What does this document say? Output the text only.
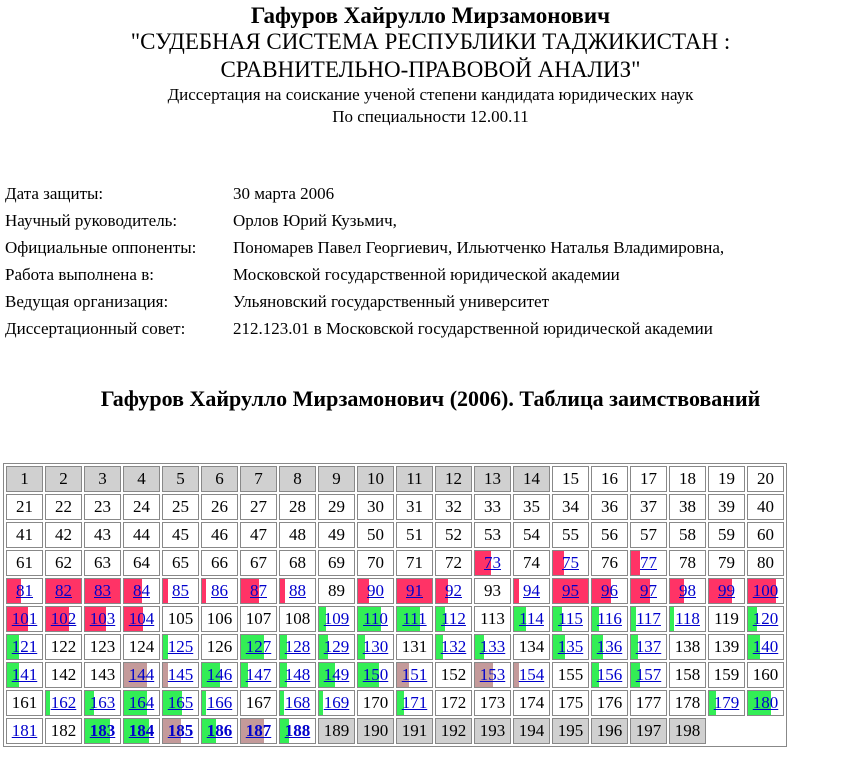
Гафуров Хайрулло Мирзамонович
"СУДЕБНАЯ СИСТЕМА РЕСПУБЛИКИ ТАДЖИКИСТАН :
СРАВНИТЕЛЬНО-ПРАВОВОЙ АНАЛИЗ"
Диссертация на соискание ученой степени кандидата юридических наук
По специальности 12.00.11
Дата защиты:	30 марта 2006
Научный руководитель:	Орлов Юрий Кузьмич,
Официальные оппоненты:	Пономарев Павел Георгиевич, Ильютченко Наталья Владимировна,
Работа выполнена в:	Московской государственной юридической академии
Ведущая организация:	Ульяновский государственный университет
Диссертационный совет:	212.123.01 в Московской государственной юридической академии
Гафуров Хайрулло Мирзамонович (2006). Таблица заимствований
1	2	3	4	5	6	7	8	9	10	11	12	13	14	15	16	17	18	19	20
21	22	23	24	25	26	27	28	29	30	31	32	33	35	34	36	37	38	39	40
41	42	43	44	45	46	47	48	49	50	51	52	53	54	55	56	57	58	59	60
61	62	63	64	65	66	67	68	69	70	71	72	73	74	75	76	77	78	79	80

81	82	83	84	85	86	87	88	89	90	91	92	93	94	95	96	97	98	99	100

101	102	103	104	105	106	107	108	109	110	111	112	113	114	115	116	117	118	119	120

121	122	123	124	125	126	127	128	129	130	131	132	133	134	135	136	137	138	139	140

141	142	143	144	145	146	147	148	149	150	151	152	153	154	155	156	157	158	159	160
161	162	163	164	165	166	167	168	169	170	171	172	173	174	175	176	177	178	179	180
181	182	183	184	185	186	187	188	189	190	191	192	193	194	195	196	197	198		
